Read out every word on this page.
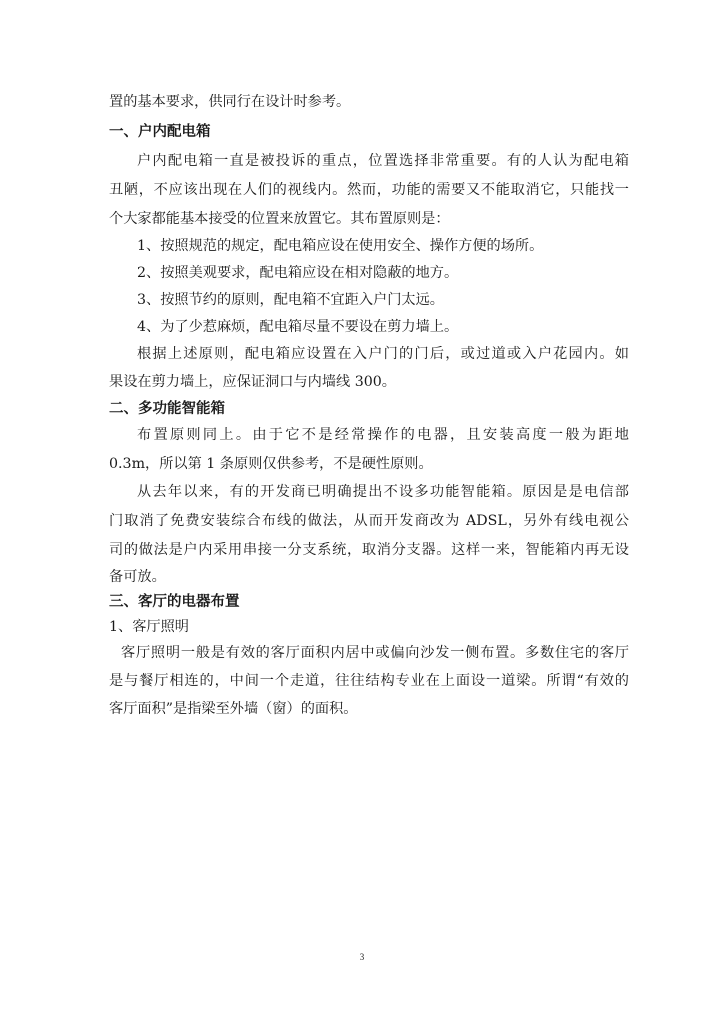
置的基本要求，供同行在设计时参考。
一、户内配电箱
户内配电箱一直是被投诉的重点，位置选择非常重要。有的人认为配电箱
丑陋，不应该出现在人们的视线内。然而，功能的需要又不能取消它，只能找一
个大家都能基本接受的位置来放置它。其布置原则是：
1、按照规范的规定，配电箱应设在使用安全、操作方便的场所。
2、按照美观要求，配电箱应设在相对隐蔽的地方。
3、按照节约的原则，配电箱不宜距入户门太远。
4、为了少惹麻烦，配电箱尽量不要设在剪力墙上。
根据上述原则，配电箱应设置在入户门的门后，或过道或入户花园内。如
果设在剪力墙上，应保证洞口与内墙线 300。
二、多功能智能箱
布置原则同上。由于它不是经常操作的电器，且安装高度一般为距地
0.3m，所以第 1 条原则仅供参考，不是硬性原则。
从去年以来，有的开发商已明确提出不设多功能智能箱。原因是是电信部
门取消了免费安装综合布线的做法，从而开发商改为 ADSL，另外有线电视公
司的做法是户内采用串接一分支系统，取消分支器。这样一来，智能箱内再无设
备可放。
三、客厅的电器布置
1、客厅照明
客厅照明一般是有效的客厅面积内居中或偏向沙发一侧布置。多数住宅的客厅
是与餐厅相连的，中间一个走道，往往结构专业在上面设一道梁。所谓“有效的
客厅面积”是指梁至外墙（窗）的面积。
3
